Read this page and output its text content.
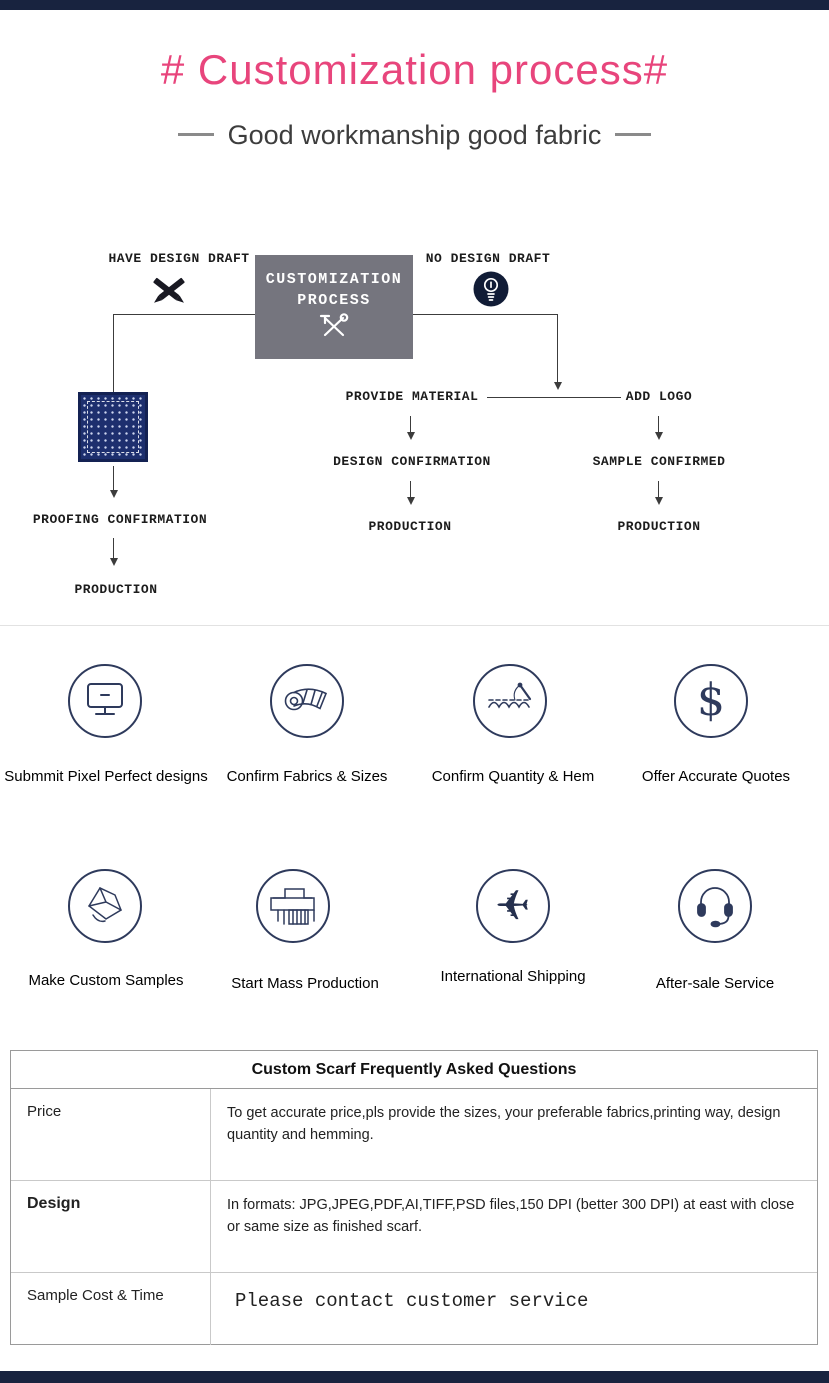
# Customization process#
Good workmanship good fabric
HAVE DESIGN DRAFT
CUSTOMIZATION
PROCESS
NO DESIGN DRAFT
PROOFING CONFIRMATION
PRODUCTION
PROVIDE MATERIAL
DESIGN CONFIRMATION
PRODUCTION
ADD LOGO
SAMPLE CONFIRMED
PRODUCTION
Submmit Pixel Perfect designs Confirm Fabrics & Sizes	Confirm Quantity & Hem
$
Offer Accurate Quotes
Make Custom Samples	Start Mass Production
✈
International Shipping	After-sale Service
Custom Scarf Frequently Asked Questions
Price	To get accurate price,pls provide the sizes, your preferable fabrics,printing way, design quantity and hemming.
Design	In formats: JPG,JPEG,PDF,AI,TIFF,PSD files,150 DPI (better 300 DPI) at east with close or same size as finished scarf.
Sample Cost & Time	Please contact customer service
